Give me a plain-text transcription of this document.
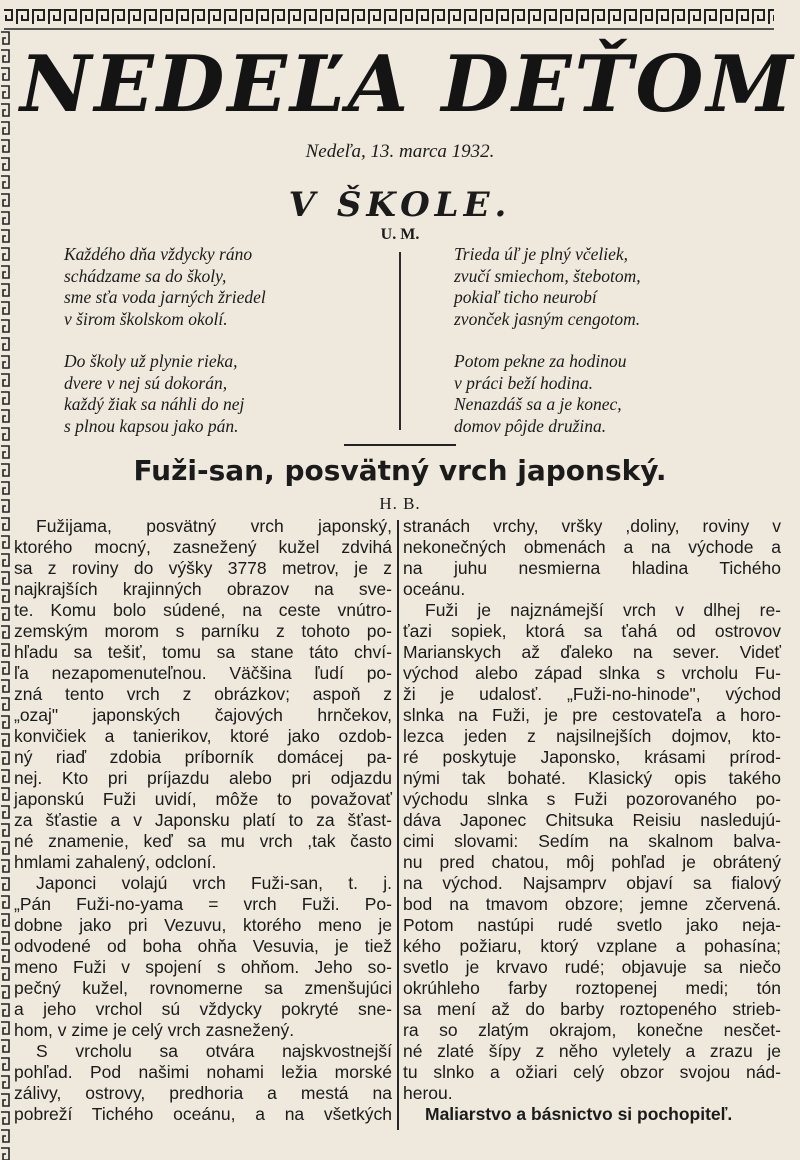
NEDEĽA DEŤOM
Nedeľa, 13. marca 1932.
V ŠKOLE.
U. M.
Každého dňa vždycky ráno
schádzame sa do školy,
sme sťa voda jarných žriedel
v širom školskom okolí.
Do školy už plynie rieka,
dvere v nej sú dokorán,
každý žiak sa náhli do nej
s plnou kapsou jako pán.
Trieda úľ je plný včeliek,
zvučí smiechom, štebotom,
pokiaľ ticho neurobí
zvonček jasným cengotom.
Potom pekne za hodinou
v práci beží hodina.
Nenazdáš sa a je konec,
domov pôjde družina.
Fuži-san, posvätný vrch japonský.
H. B.
Fužijama, posvätný vrch japonský,
ktorého mocný, zasnežený kužel zdvihá
sa z roviny do výšky 3778 metrov, je z
najkrajších krajinných obrazov na sve-
te. Komu bolo súdené, na ceste vnútro-
zemským morom s parníku z tohoto po-
hľadu sa tešiť, tomu sa stane táto chví-
ľa nezapomenuteľnou. Väčšina ľudí po-
zná tento vrch z obrázkov; aspoň z
„ozaj" japonských čajových hrnčekov,
konvičiek a tanierikov, ktoré jako ozdob-
ný riaď zdobia príborník domácej pa-
nej. Kto pri príjazdu alebo pri odjazdu
japonskú Fuži uvidí, môže to považovať
za šťastie a v Japonsku platí to za šťast-
né znamenie, keď sa mu vrch ,tak často
hmlami zahalený, odcloní.
Japonci volajú vrch Fuži-san, t. j.
„Pán Fuži-no-yama = vrch Fuži. Po-
dobne jako pri Vezuvu, ktorého meno je
odvodené od boha ohňa Vesuvia, je tiež
meno Fuži v spojení s ohňom. Jeho so-
pečný kužel, rovnomerne sa zmenšujúci
a jeho vrchol sú vždycky pokryté sne-
hom, v zime je celý vrch zasnežený.
S vrcholu sa otvára najskvostnejší
pohľad. Pod našimi nohami ležia morské
zálivy, ostrovy, predhoria a mestá na
pobreží Tichého oceánu, a na všetkých
stranách vrchy, vršky ,doliny, roviny v
nekonečných obmenách a na východe a
na juhu nesmierna hladina Tichého
oceánu.
Fuži je najznámejší vrch v dlhej re-
ťazi sopiek, ktorá sa ťahá od ostrovov
Marianskych až ďaleko na sever. Videť
východ alebo západ slnka s vrcholu Fu-
ži je udalosť. „Fuži-no-hinode", východ
slnka na Fuži, je pre cestovateľa a horo-
lezca jeden z najsilnejších dojmov, kto-
ré poskytuje Japonsko, krásami prírod-
nými tak bohaté. Klasický opis takého
východu slnka s Fuži pozorovaného po-
dáva Japonec Chitsuka Reisiu nasledujú-
cimi slovami: Sedím na skalnom balva-
nu pred chatou, môj pohľad je obrátený
na východ. Najsamprv objaví sa fialový
bod na tmavom obzore; jemne zčervená.
Potom nastúpi rudé svetlo jako neja-
kého požiaru, ktorý vzplane a pohasína;
svetlo je krvavo rudé; objavuje sa niečo
okrúhleho farby roztopenej medi; tón
sa mení až do barby roztopeného strieb-
ra so zlatým okrajom, konečne nesčet-
né zlaté šípy z něho vyletely a zrazu je
tu slnko a ožiari celý obzor svojou nád-
herou.
Maliarstvo a básnictvo si pochopiteľ.
